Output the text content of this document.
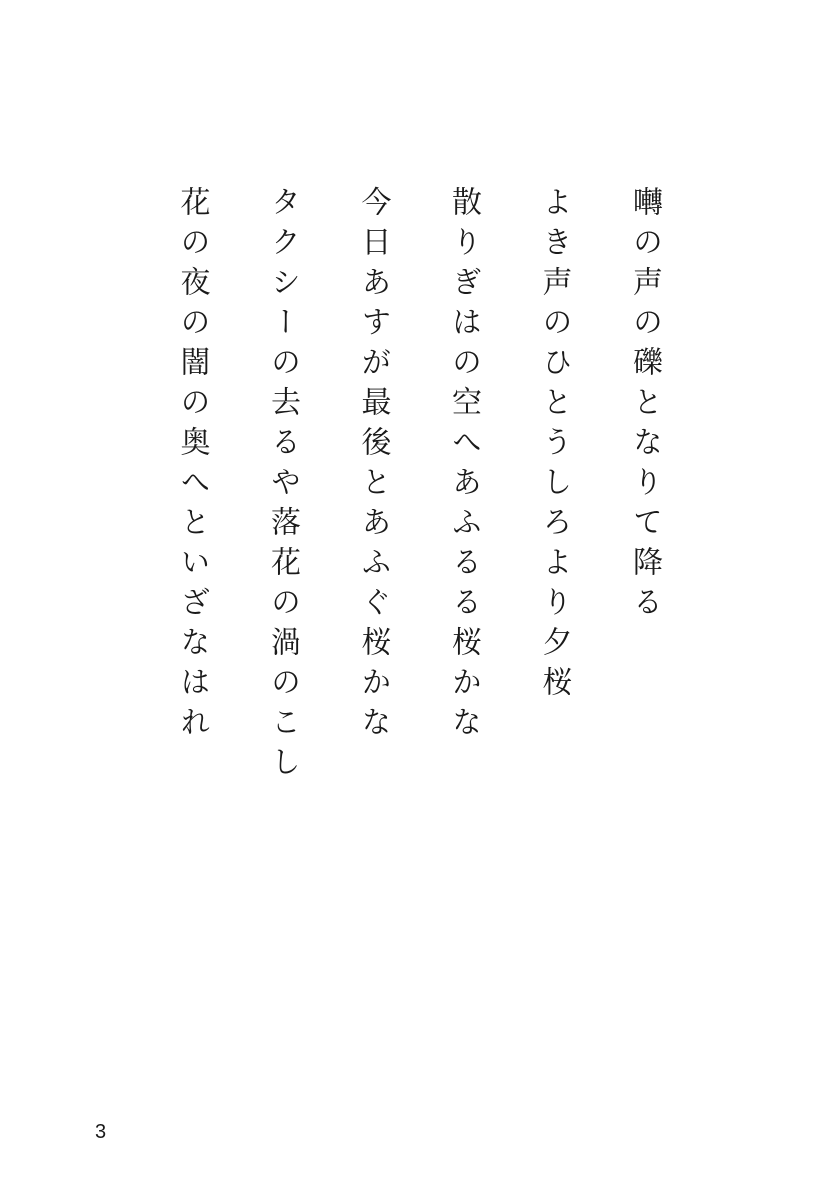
囀の声の礫となりて降る
よき声のひとうしろより夕桜
散りぎはの空へあふるる桜かな
今日あすが最後とあふぐ桜かな
タクシーの去るや落花の渦のこし
花の夜の闇の奥へといざなはれ
3
